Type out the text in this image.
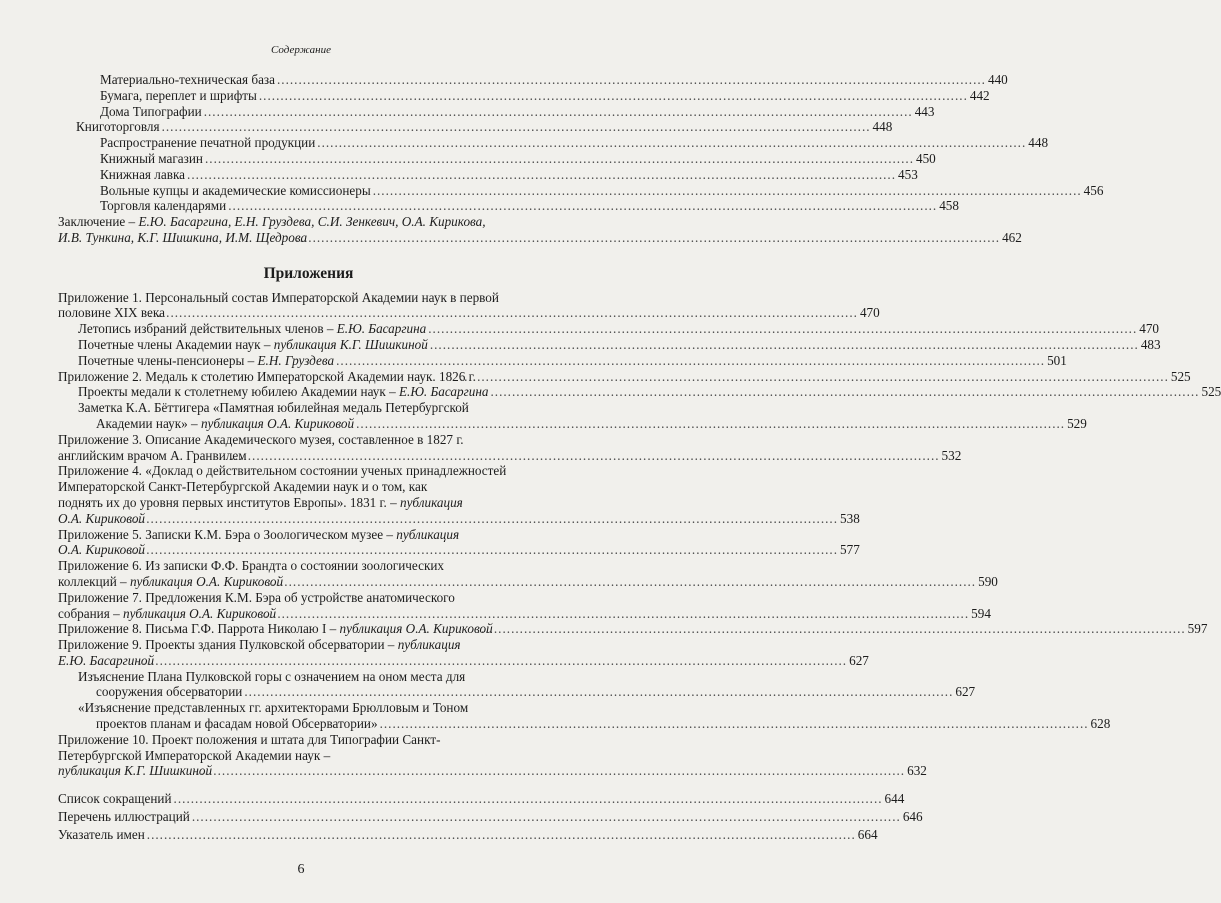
Содержание
Материально-техническая база .....	440
Бумага, переплет и шрифты .....	442
Дома Типографии .....	443
Книготорговля .....	448
Распространение печатной продукции .....	448
Книжный магазин .....	450
Книжная лавка .....	453
Вольные купцы и академические комиссионеры .....	456
Торговля календарями .....	458
Заключение – Е.Ю. Басаргина, Е.Н. Груздева, С.И. Зенкевич, О.А. Кирикова,
И.В. Тункина, К.Г. Шишкина, И.М. Щедрова .....	462
Приложения
Приложение 1. Персональный состав Императорской Академии наук в первой
половине XIX века .....	470
Летопись избраний действительных членов – Е.Ю. Басаргина .....	470
Почетные члены Академии наук – публикация К.Г. Шишкиной .....	483
Почетные члены-пенсионеры – Е.Н. Груздева .....	501
Приложение 2. Медаль к столетию Императорской Академии наук. 1826 г. .....	525
Проекты медали к столетнему юбилею Академии наук – Е.Ю. Басаргина .....	525
Заметка К.А. Бёттигера «Памятная юбилейная медаль Петербургской
Академии наук» – публикация О.А. Кириковой .....	529
Приложение 3. Описание Академического музея, составленное в 1827 г.
английским врачом А. Гранвилем .....	532
Приложение 4. «Доклад о действительном состоянии ученых принадлежностей
Императорской Санкт-Петербургской Академии наук и о том, как
поднять их до уровня первых институтов Европы». 1831 г. – публикация
О.А. Кириковой .....	538
Приложение 5. Записки К.М. Бэра о Зоологическом музее – публикация
О.А. Кириковой .....	577
Приложение 6. Из записки Ф.Ф. Брандта о состоянии зоологических
коллекций – публикация О.А. Кириковой .....	590
Приложение 7. Предложения К.М. Бэра об устройстве анатомического
собрания – публикация О.А. Кириковой .....	594
Приложение 8. Письма Г.Ф. Паррота Николаю I – публикация О.А. Кириковой .....	597
Приложение 9. Проекты здания Пулковской обсерватории – публикация
Е.Ю. Басаргиной .....	627
Изъяснение Плана Пулковской горы с означением на оном места для
сооружения обсерватории .....	627
«Изъяснение представленных гг. архитекторами Брюлловым и Тоном
проектов планам и фасадам новой Обсерватории» .....	628
Приложение 10. Проект положения и штата для Типографии Санкт-
Петербургской Императорской Академии наук –
публикация К.Г. Шишкиной .....	632
Список сокращений .....	644
Перечень иллюстраций .....	646
Указатель имен .....	664
6
